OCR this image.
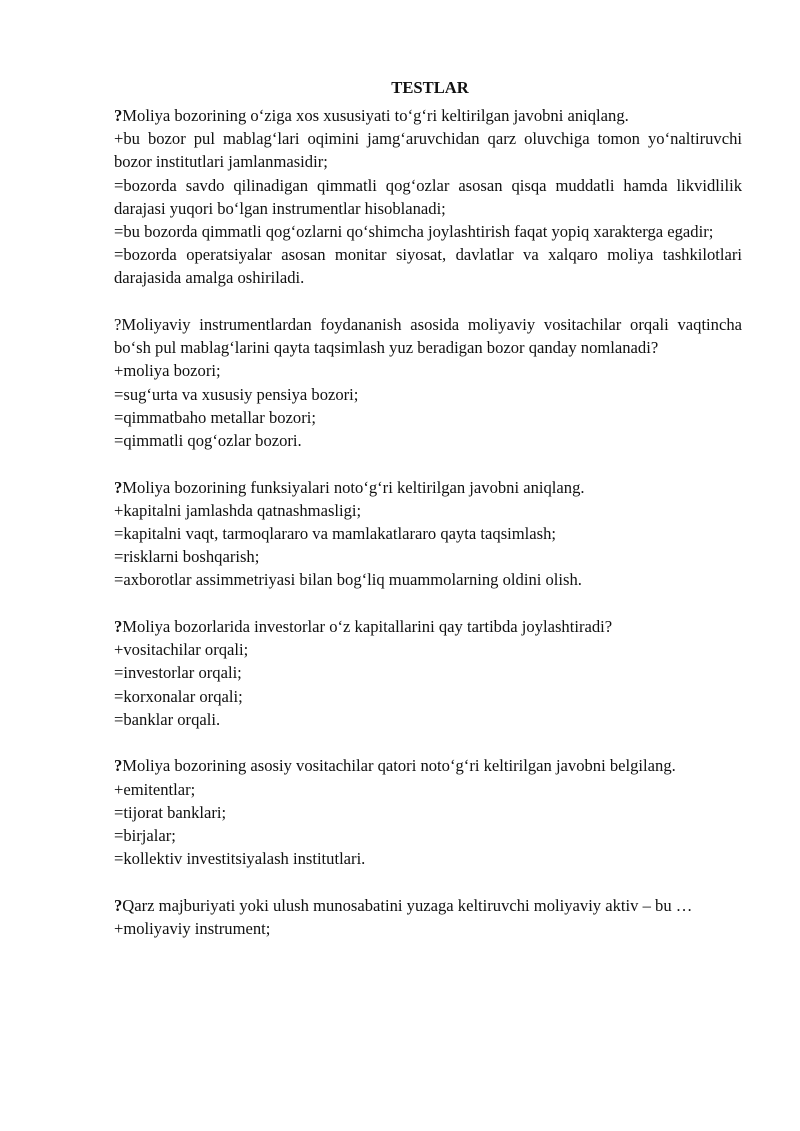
TESTLAR

?Moliya bozorining o‘ziga xos xususiyati to‘g‘ri keltirilgan javobni aniqlang.

+bu bozor pul mablag‘lari oqimini jamg‘aruvchidan qarz oluvchiga tomon yo‘naltiruvchi bozor institutlari jamlanmasidir;

=bozorda savdo qilinadigan qimmatli qog‘ozlar asosan qisqa muddatli hamda likvidlilik darajasi yuqori bo‘lgan instrumentlar hisoblanadi;

=bu bozorda qimmatli qog‘ozlarni qo‘shimcha joylashtirish faqat yopiq xarakterga egadir;

=bozorda operatsiyalar asosan monitar siyosat, davlatlar va xalqaro moliya tashkilotlari darajasida amalga oshiriladi.

?Moliyaviy instrumentlardan foydananish asosida moliyaviy vositachilar orqali vaqtincha bo‘sh pul mablag‘larini qayta taqsimlash yuz beradigan bozor qanday nomlanadi?

+moliya bozori;

=sug‘urta va xususiy pensiya bozori;

=qimmatbaho metallar bozori;

=qimmatli qog‘ozlar bozori.

?Moliya bozorining funksiyalari noto‘g‘ri keltirilgan javobni aniqlang.

+kapitalni jamlashda qatnashmasligi;

=kapitalni vaqt, tarmoqlararo va mamlakatlararo qayta taqsimlash;

=risklarni boshqarish;

=axborotlar assimmetriyasi bilan bog‘liq muammolarning oldini olish.

?Moliya bozorlarida investorlar o‘z kapitallarini qay tartibda joylashtiradi?

+vositachilar orqali;

=investorlar orqali;

=korxonalar orqali;

=banklar orqali.

?Moliya bozorining asosiy vositachilar qatori noto‘g‘ri keltirilgan javobni belgilang.

+emitentlar;

=tijorat banklari;

=birjalar;

=kollektiv investitsiyalash institutlari.

?Qarz majburiyati yoki ulush munosabatini yuzaga keltiruvchi moliyaviy aktiv – bu …

+moliyaviy instrument;
